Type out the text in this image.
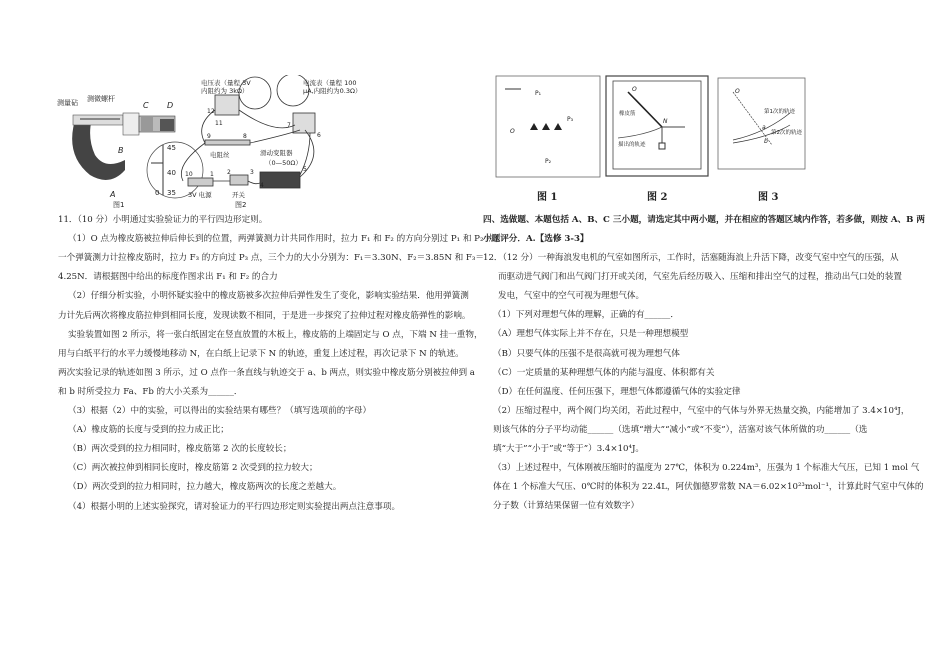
测量砧 测微螺杆
C D
A
B	45
40
35
0
图1
电压表（量程 3V
内阻约为 3kΩ）
电流表（量程 100
μA,内阻约为0.3Ω）
电阻丝	滑动变阻器
（0—50Ω）
3V 电源	开关
12
11	7
6
9	8
10	1 2	3
4
5
图2
P₁
P₂
P₃
O
O
橡皮筋
N
描出的轨迹
O
第1次的轨迹
第2次的轨迹
a
b
图 1	图 2	图 3
11．（10 分）小明通过实验验证力的平行四边形定则。
（1）O 点为橡皮筋被拉伸后伸长到的位置，两弹簧测力计共同作用时，拉力 F₁ 和 F₂ 的方向分别过 P₁ 和 P₂ 点；
一个弹簧测力计拉橡皮筋时，拉力 F₃ 的方向过 P₃ 点，三个力的大小分别为：F₁＝3.30N、F₂＝3.85N 和 F₃＝
4.25N．请根据图中给出的标度作图求出 F₁ 和 F₂ 的合力
（2）仔细分析实验，小明怀疑实验中的橡皮筋被多次拉伸后弹性发生了变化，影响实验结果．他用弹簧测
力计先后两次将橡皮筋拉伸到相同长度，发现读数不相同，于是进一步探究了拉伸过程对橡皮筋弹性的影响。
实验装置如图 2 所示，将一张白纸固定在竖直放置的木板上，橡皮筋的上端固定与 O 点，下端 N 挂一重物，
用与白纸平行的水平力缓慢地移动 N，在白纸上记录下 N 的轨迹，重复上述过程，再次记录下 N 的轨迹。
两次实验记录的轨迹如图 3 所示，过 O 点作一条直线与轨迹交于 a、b 两点，则实验中橡皮筋分别被拉伸到 a
和 b 时所受拉力 Fa、Fb 的大小关系为______．
（3）根据（2）中的实验，可以得出的实验结果有哪些？（填写选项前的字母）
（A）橡皮筋的长度与受到的拉力成正比；
（B）两次受到的拉力相同时，橡皮筋第 2 次的长度较长；
（C）两次被拉伸到相同长度时，橡皮筋第 2 次受到的拉力较大；
（D）两次受到的拉力相同时，拉力越大，橡皮筋两次的长度之差越大。
（4）根据小明的上述实验探究，请对验证力的平行四边形定则实验提出两点注意事项。
四、选做题、本题包括 A、B、C 三小题，请选定其中两小题，并在相应的答题区域内作答，若多做，则按 A、B 两
小题评分．A.【选修 3-3】
12．（12 分）一种海浪发电机的气室如图所示，工作时，活塞随海浪上升活下降，改变气室中空气的压强，从
而驱动进气阀门和出气阀门打开或关闭，气室先后经历吸入、压缩和排出空气的过程，推动出气口处的装置
发电，气室中的空气可视为理想气体。
（1）下列对理想气体的理解，正确的有______．
（A）理想气体实际上并不存在，只是一种理想模型
（B）只要气体的压强不是很高就可视为理想气体
（C）一定质量的某种理想气体的内能与温度、体积都有关
（D）在任何温度、任何压强下，理想气体都遵循气体的实验定律
（2）压缩过程中，两个阀门均关闭，若此过程中，气室中的气体与外界无热量交换，内能增加了 3.4×10⁴J，
则该气体的分子平均动能______（选填“增大”“减小”或“不变”），活塞对该气体所做的功______（选
填“大于”“小于”或“等于”）3.4×10⁴J。
（3）上述过程中，气体刚被压缩时的温度为 27℃，体积为 0.224m³，压强为 1 个标准大气压，已知 1 mol 气
体在 1 个标准大气压、0℃时的体积为 22.4L，阿伏伽德罗常数 NA＝6.02×10²³mol⁻¹，计算此时气室中气体的
分子数（计算结果保留一位有效数字）
